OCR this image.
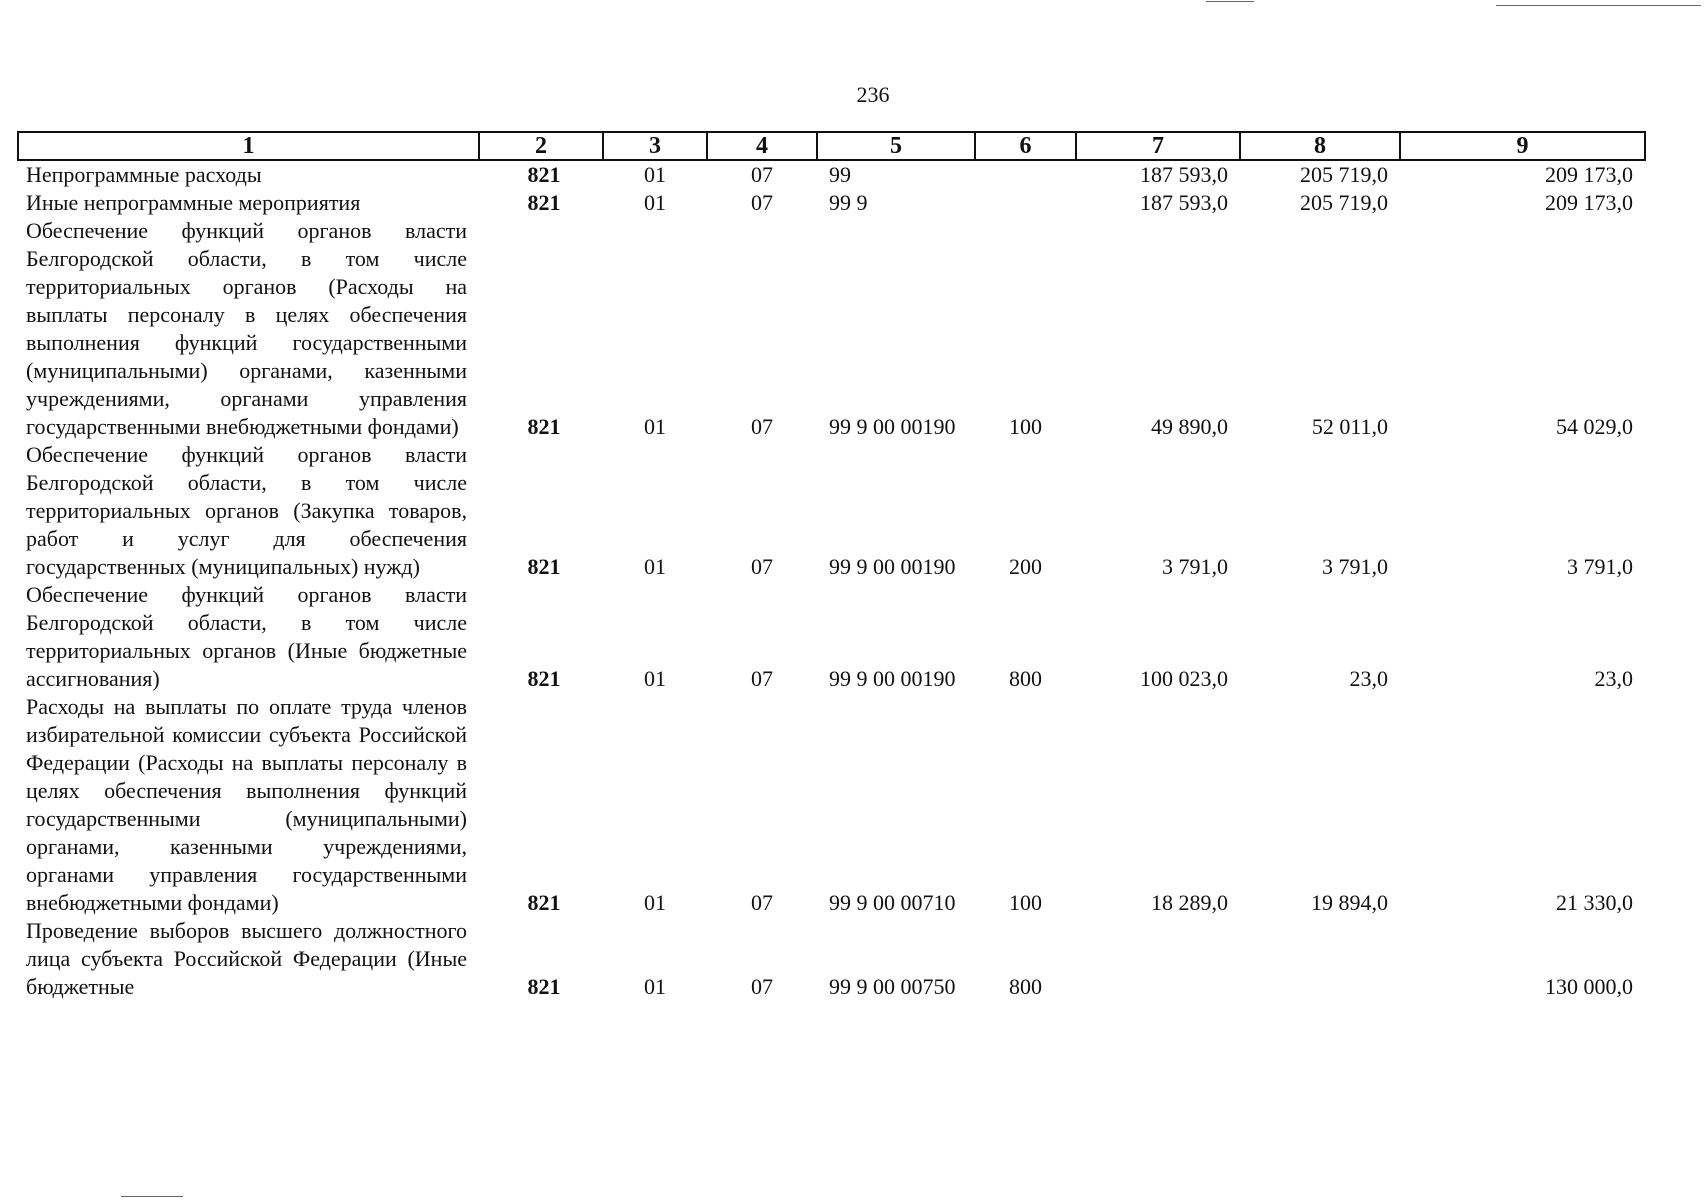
236
1	2	3	4	5	6	7	8	9
Непрограммные расходы	821	01	07	99		187 593,0	205 719,0	209 173,0
Иные непрограммные мероприятия	821	01	07	99 9		187 593,0	205 719,0	209 173,0
Обеспечение функций органов власти Белгородской области, в том числе территориальных органов (Расходы на выплаты персоналу в целях обеспечения выполнения функций государственными (муниципальными) органами, казенными учреждениями, органами управления государственными внебюджетными фондами)	821	01	07	99 9 00 00190	100	49 890,0	52 011,0	54 029,0
Обеспечение функций органов власти Белгородской области, в том числе территориальных органов (Закупка товаров, работ и услуг для обеспечения государственных (муниципальных) нужд)	821	01	07	99 9 00 00190	200	3 791,0	3 791,0	3 791,0
Обеспечение функций органов власти Белгородской области, в том числе территориальных органов (Иные бюджетные ассигнования)	821	01	07	99 9 00 00190	800	100 023,0	23,0	23,0
Расходы на выплаты по оплате труда членов избирательной комиссии субъекта Российской Федерации (Расходы на выплаты персоналу в целях обеспечения выполнения функций государственными (муниципальными) органами, казенными учреждениями, органами управления государственными внебюджетными фондами)	821	01	07	99 9 00 00710	100	18 289,0	19 894,0	21 330,0
Проведение выборов высшего должностного лица субъекта Российской Федерации (Иные бюджетные	821	01	07	99 9 00 00750	800			130 000,0
